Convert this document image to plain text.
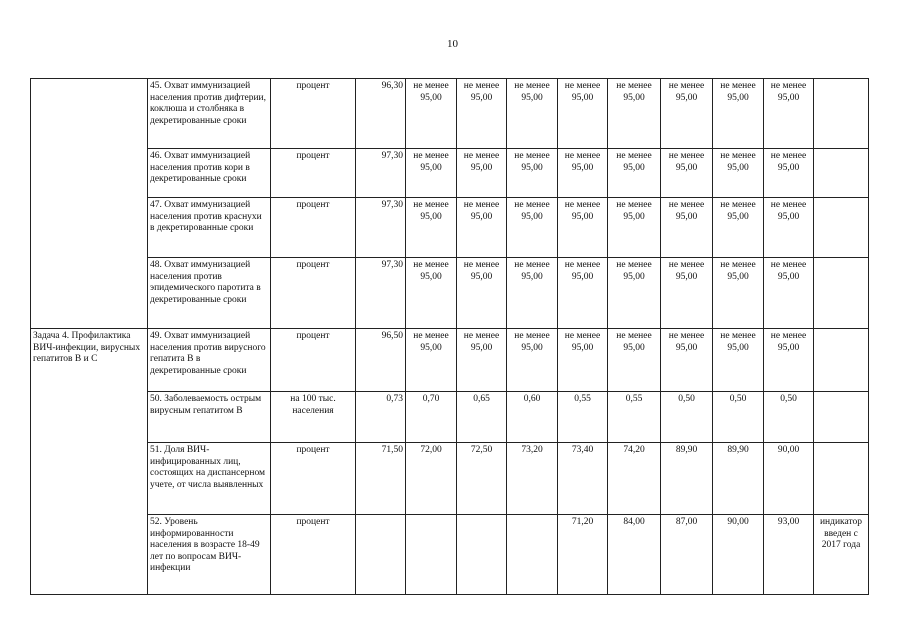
10
	45. Охват иммунизацией населения против дифтерии, коклюша и столбняка в декретированные сроки	процент	96,30	не менее 95,00	не менее 95,00	не менее 95,00	не менее 95,00	не менее 95,00	не менее 95,00	не менее 95,00	не менее 95,00	
	46. Охват иммунизацией населения против кори в декретированные сроки	процент	97,30	не менее 95,00	не менее 95,00	не менее 95,00	не менее 95,00	не менее 95,00	не менее 95,00	не менее 95,00	не менее 95,00	
	47. Охват иммунизацией населения против краснухи в декретированные сроки	процент	97,30	не менее 95,00	не менее 95,00	не менее 95,00	не менее 95,00	не менее 95,00	не менее 95,00	не менее 95,00	не менее 95,00	
	48. Охват иммунизацией населения против эпидемического паротита в декретированные сроки	процент	97,30	не менее 95,00	не менее 95,00	не менее 95,00	не менее 95,00	не менее 95,00	не менее 95,00	не менее 95,00	не менее 95,00	
Задача 4. Профилактика ВИЧ-инфекции, вирусных гепатитов В и С	49. Охват иммунизацией населения против вирусного гепатита В в декретированные сроки	процент	96,50	не менее 95,00	не менее 95,00	не менее 95,00	не менее 95,00	не менее 95,00	не менее 95,00	не менее 95,00	не менее 95,00	
	50. Заболеваемость острым вирусным гепатитом В	на 100 тыс. населения	0,73	0,70	0,65	0,60	0,55	0,55	0,50	0,50	0,50	
	51. Доля ВИЧ-инфицированных лиц, состоящих на диспансерном учете, от числа выявленных	процент	71,50	72,00	72,50	73,20	73,40	74,20	89,90	89,90	90,00	
	52. Уровень информированности населения в возрасте 18-49 лет по вопросам ВИЧ-инфекции	процент					71,20	84,00	87,00	90,00	93,00	индикатор введен с 2017 года
